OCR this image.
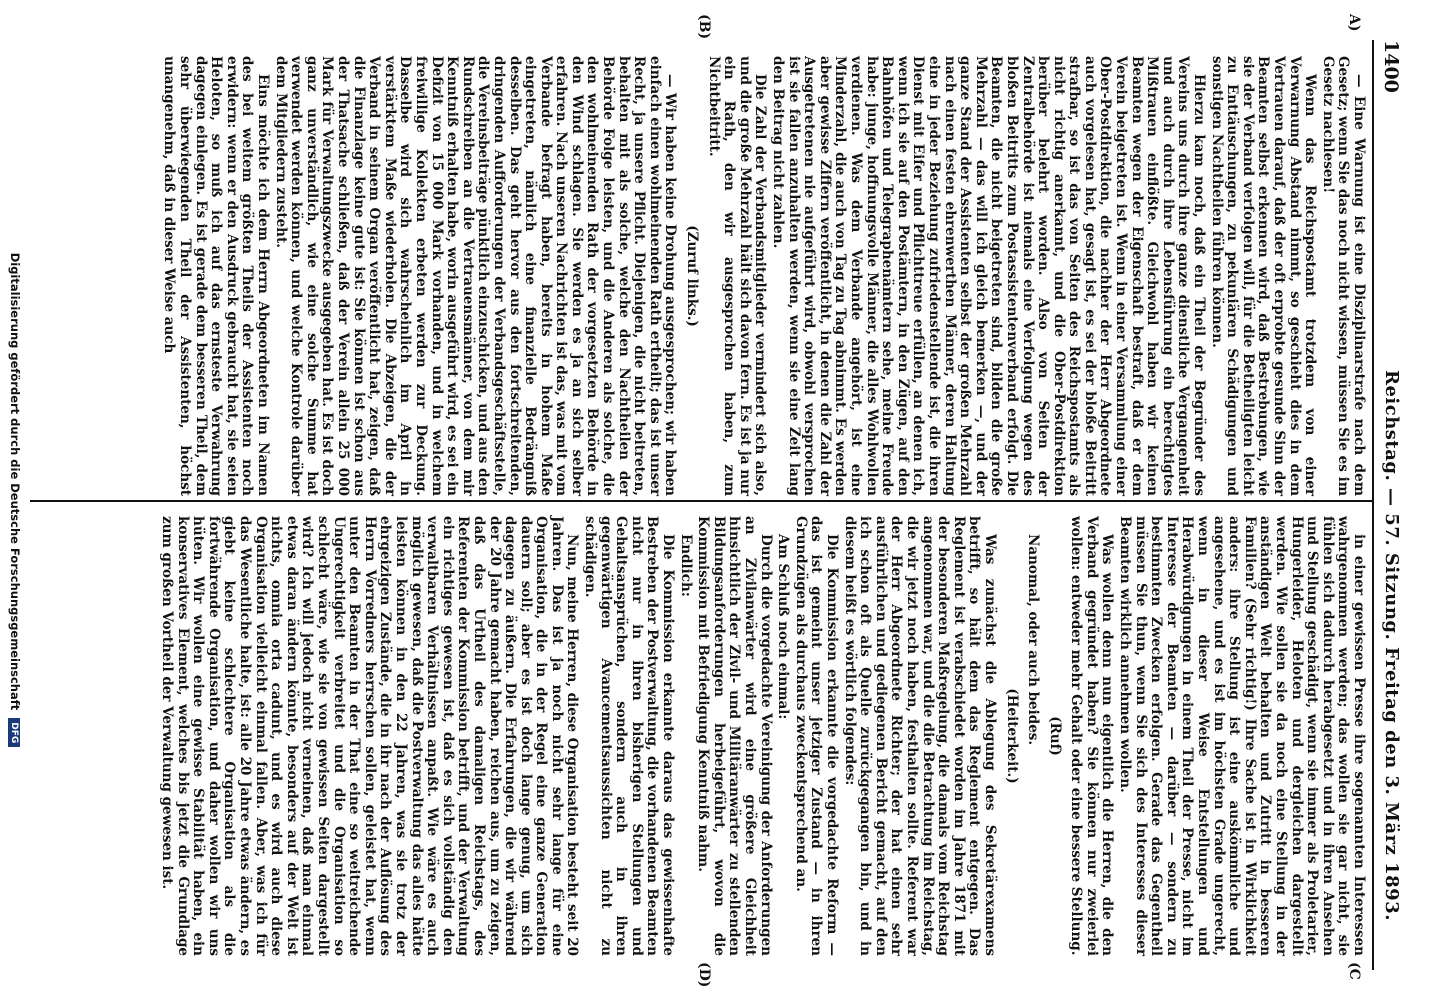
1400
Reichstag. — 57. Sitzung. Freitag den 3. März 1893.
A)
(B)
(C
(D)

— Eine Warnung ist eine Disziplinarstrafe nach dem Gesetz; wenn Sie das noch nicht wissen, müssen Sie es im Gesetz nachlesen!

Wenn das Reichspostamt trotzdem von einer Verwarnung Abstand nimmt, so geschieht dies in dem Vertrauen darauf, daß der oft erprobte gesunde Sinn der Beamten selbst erkennen wird, daß Bestrebungen, wie sie der Verband verfolgen will, für die Betheiligten leicht zu Enttäuschungen, zu pekuniären Schädigungen und sonstigen Nachtheilen führen können.

Hierzu kam noch, daß ein Theil der Begründer des Vereins uns durch ihre ganze dienstliche Vergangenheit und auch durch ihre Lebensführung ein berechtigtes Mißtrauen einflößte. Gleichwohl haben wir keinen Beamten wegen der Eigenschaft bestraft, daß er dem Verein beigetreten ist. Wenn in einer Versammlung einer Ober-Postdirektion, die nachher der Herr Abgeordnete auch vorgelesen hat, gesagt ist, es sei der bloße Beitritt strafbar, so ist das von Seiten des Reichspostamts als nicht richtig anerkannt, und die Ober-Postdirektion berüber belehrt worden. Also von Seiten der Zentralbehörde ist niemals eine Verfolgung wegen des bloßen Beitritts zum Postassistentenverband erfolgt. Die Beamten, die nicht beigetreten sind, bilden die große Mehrzahl — das will ich gleich bemerken —, und der ganze Stand der Assistenten selbst der großen Mehrzahl nach einen festen ehrenwerthen Männer, deren Haltung eine in jeder Beziehung zufriedenstellende ist, die ihren Dienst mit Eifer und Pflichttreue erfüllen, an denen ich, wenn ich sie auf den Postämtern, in den Zügen, auf den Bahnhöfen und Telegraphenämtern sehe, meine Freude habe: junge, hoffnungsvolle Männer, die alles Wohlwollen verdienen. Was dem Verbande angehört, ist eine Minderzahl, die auch von Tag zu Tag abnimmt. Es werden aber gewisse Ziffern veröffentlicht, in denen die Zahl der Ausgetretenen nie aufgeführt wird, obwohl versprochen ist sie fallen anzuhalten werden, wenn sie eine Zeit lang den Beitrag nicht zahlen.

Die Zahl der Verbandsmitglieder vermindert sich also, und die große Mehrzahl hält sich davon fern. Es ist ja nur ein Rath, den wir ausgesprochen haben, zum Nichtbeitritt.

(Zuruf links.)

— Wir haben keine Drohung ausgesprochen; wir haben einfach einen wohlmeinenden Rath ertheilt; das ist unser Recht, ja unsere Pflicht. Diejenigen, die nicht beitreten, behalten mit als solche, welche den Nachtheilen der Behörde Folge leisten, und die Anderen als solche, die den wohlmeinenden Rath der vorgesetzten Behörde in den Wind schlagen. Sie werden es ja an sich selber erfahren. Nach unseren Nachrichten ist das, was mit vom Verbande befragt haben, bereits in hohem Maße eingetreten, nämlich eine finanzielle Bedrängniß desselben. Das geht hervor aus den fortschreitenden, dringenden Aufforderungen der Verbandsgeschäftsstelle, die Vereinsbeiträge pünktlich einzuschicken, und aus den Rundschreiben an die Vertrauensmänner, von dem mir Kenntniß erhalten habe, worin ausgeführt wird, es sei ein Defizit von 15 000 Mark vorhanden, und in welchem freiwillige Kollekten erbeten werden zur Deckung. Dasselbe wird sich wahrscheinlich im April in verstärktem Maße wiederholen. Die Abzeigen, die der Verband in seinem Organ veröffentlicht hat, zeigen, daß die Finanzlage keine gute ist: Sie können ist schon aus der Thatsache schließen, daß der Verein allein 25 000 Mark für Verwaltungszwecke ausgegeben hat. Es ist doch ganz unverständlich, wie eine solche Summe hat verwendet werden können, und welche Kontrole darüber dem Mitgliedern zusteht.

Eins möchte ich dem Herrn Abgeordneten im Namen des bei weitem größten Theils der Assistenten noch erwidern: wenn er den Ausdruck gebraucht hat, sie seien Heloten, so muß ich auf das ernsteste Verwahrung dagegen einlegen. Es ist gerade dem besseren Theil, dem sehr überwiegenden Theil der Assistenten, höchst unangenehm, daß in dieser Weise auch

in einer gewissen Presse ihre sogenannten Interessen wahrgenommen werden; das wollen sie gar nicht, sie fühlen sich dadurch herabgesetzt und in ihren Ansehen und Stellung geschädigt, wenn sie immer als Proletarier, Hungerleider, Heloten und dergleichen dargestellt werden. Wie sollen sie da noch eine Stellung in der anständigen Welt behalten und Zutritt in besseren Familien? (Sehr richtig!) Ihre Sache ist in Wirklichkeit anders: ihre Stellung ist eine auskömmliche und angesehene, und es ist im höchsten Grade ungerecht, wenn in dieser Weise Entstellungen und Herabwürdigungen in einem Theil der Presse, nicht im Interesse der Beamten — darüber — sondern zu bestimmten Zwecken erfolgen. Gerade das Gegentheil müssen Sie thun, wenn Sie sich des Interesses dieser Beamten wirklich annehmen wollen.

Was wollen denn nun eigentlich die Herren, die den Verband gegründet haben? Sie können nur zweierlei wollen: entweder mehr Gehalt oder eine bessere Stellung.

(Ruf)

Nanomal, oder auch beides.

(Heiterkeit.)

Was zunächst die Ablegung des Sekretärexamens betrifft, so hält dem das Reglement entgegen. Das Reglement ist verabschiedet worden im Jahre 1871 mit der besonderen Maßregelung, die damals vom Reichstag angenommen war, und die die Betrachtung im Reichstag, die wir jetzt noch haben, festhalten sollte. Referent war der Herr Abgeordnete Richter; der hat einen sehr ausführlichen und gediegenen Bericht gemacht, auf den ich schon oft als Quelle zurückgegangen bin, und in diesem heißt es wörtlich folgendes:

Die Kommission erkannte die vorgedachte Reform — das ist gemeint unser jetziger Zustand — in ihren Grundzügen als durchaus zweckentsprechend an.

Am Schluß noch einmal:

Durch die vorgedachte Vereinigung der Anforderungen an Zivilanwärter wird eine größere Gleichheit hinsichtlich der Zivil- und Militäranwärter zu stellenden Bildungsanforderungen herbeigeführt, wovon die Kommission mit Befriedigung Kenntniß nahm.

Endlich:

Die Kommission erkannte daraus das gewissenhafte Bestreben der Postverwaltung, die vorhandenen Beamten nicht nur in ihren bisherigen Stellungen und Gehaltsansprüchen, sondern auch in ihren gegenwärtigen Avancementsaussichten nicht zu schädigen.

Nun, meine Herren, diese Organisation besteht seit 20 Jahren. Das ist ja noch nicht sehr lange für eine Organisation, die in der Regel eine ganze Generation dauern soll; aber es ist doch lange genug, um sich dagegen zu äußern. Die Erfahrungen, die wir während der 20 Jahre gemacht haben, reichen aus, um zu zeigen, daß das Urtheil des damaligen Reichstags, des Referenten der Kommission betrifft, und der Verwaltung ein richtiges gewesen ist, daß es sich vollständig den verwaltbaren Verhältnissen anpaßt. Wie wäre es auch möglich gewesen, daß die Postverwaltung das alles hätte leisten können in den 22 Jahren, was sie trotz der ehrgeizigen Zustände, die in ihr nach der Auflösung des Herrn Vorredners herrschen sollen, geleistet hat, wenn unter den Beamten in der That eine so weitreichende Ungerechtigkeit verbreitet und die Organisation so schlecht wäre, wie sie von gewissen Seiten dargestellt wird? Ich will jedoch nicht verneinen, daß man einmal etwas daran ändern könnte, besonders auf der Welt ist nichts, omnia orta cadunt, und es wird auch diese Organisation vielleicht einmal fallen. Aber, was ich für das Wesentliche halte, ist: alle 20 Jahre etwas ändern, es giebt keine schlechtere Organisation als die fortwährende Organisation, und daher wollen wir uns hüten. Wir wollen eine gewisse Stabilität haben, ein konservatives Element, welches bis jetzt die Grundlage zum großen Vortheil der Verwaltung gewesen ist.

Digitalisierung gefördert durch die Deutsche Forschungsgemeinschaft DFG
